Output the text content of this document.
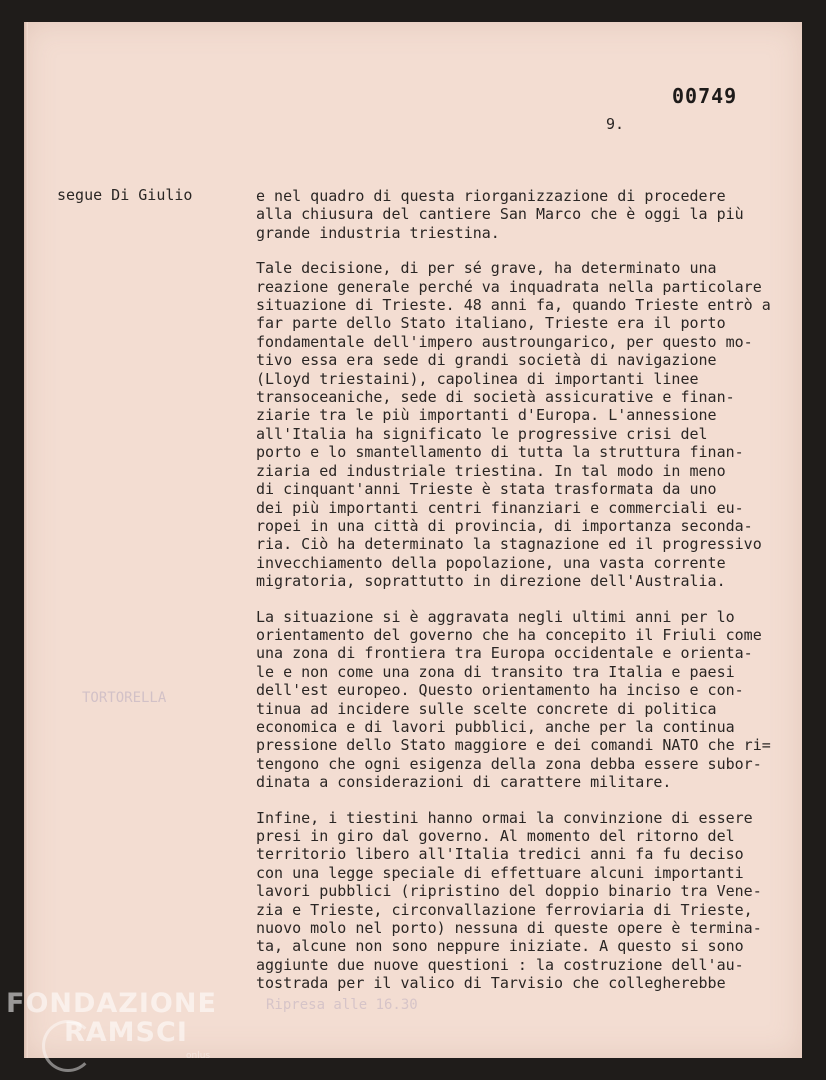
00749
9.
segue Di Giulio
TORTORELLA
e nel quadro di questa riorganizzazione di procedere
alla chiusura del cantiere San Marco che è oggi la più
grande industria triestina.
Tale decisione, di per sé grave, ha determinato una
reazione generale perché va inquadrata nella particolare
situazione di Trieste. 48 anni fa, quando Trieste entrò a
far parte dello Stato italiano, Trieste era il porto
fondamentale dell'impero austroungarico, per questo mo-
tivo essa era sede di grandi società di navigazione
(Lloyd triestaini), capolinea di importanti linee
transoceaniche, sede di società assicurative e finan-
ziarie tra le più importanti d'Europa. L'annessione
all'Italia ha significato le progressive crisi del
porto e lo smantellamento di tutta la struttura finan-
ziaria ed industriale triestina. In tal modo in meno
di cinquant'anni Trieste è stata trasformata da uno
dei più importanti centri finanziari e commerciali eu-
ropei in una città di provincia, di importanza seconda-
ria. Ciò ha determinato la stagnazione ed il progressivo
invecchiamento della popolazione, una vasta corrente
migratoria, soprattutto in direzione dell'Australia.
La situazione si è aggravata negli ultimi anni per lo
orientamento del governo che ha concepito il Friuli come
una zona di frontiera tra Europa occidentale e orienta-
le e non come una zona di transito tra Italia e paesi
dell'est europeo. Questo orientamento ha inciso e con-
tinua ad incidere sulle scelte concrete di politica
economica e di lavori pubblici, anche per la continua
pressione dello Stato maggiore e dei comandi NATO che ri=
tengono che ogni esigenza della zona debba essere subor-
dinata a considerazioni di carattere militare.
Infine, i tiestini hanno ormai la convinzione di essere
presi in giro dal governo. Al momento del ritorno del
territorio libero all'Italia tredici anni fa fu deciso
con una legge speciale di effettuare alcuni importanti
lavori pubblici (ripristino del doppio binario tra Vene-
zia e Trieste, circonvallazione ferroviaria di Trieste,
nuovo molo nel porto) nessuna di queste opere è termina-
ta, alcune non sono neppure iniziate. A questo si sono
aggiunte due nuove questioni : la costruzione dell'au-
tostrada per il valico di Tarvisio che collegherebbe
Ripresa alle 16.30
FONDAZIONE
RAMSCI
onlus
